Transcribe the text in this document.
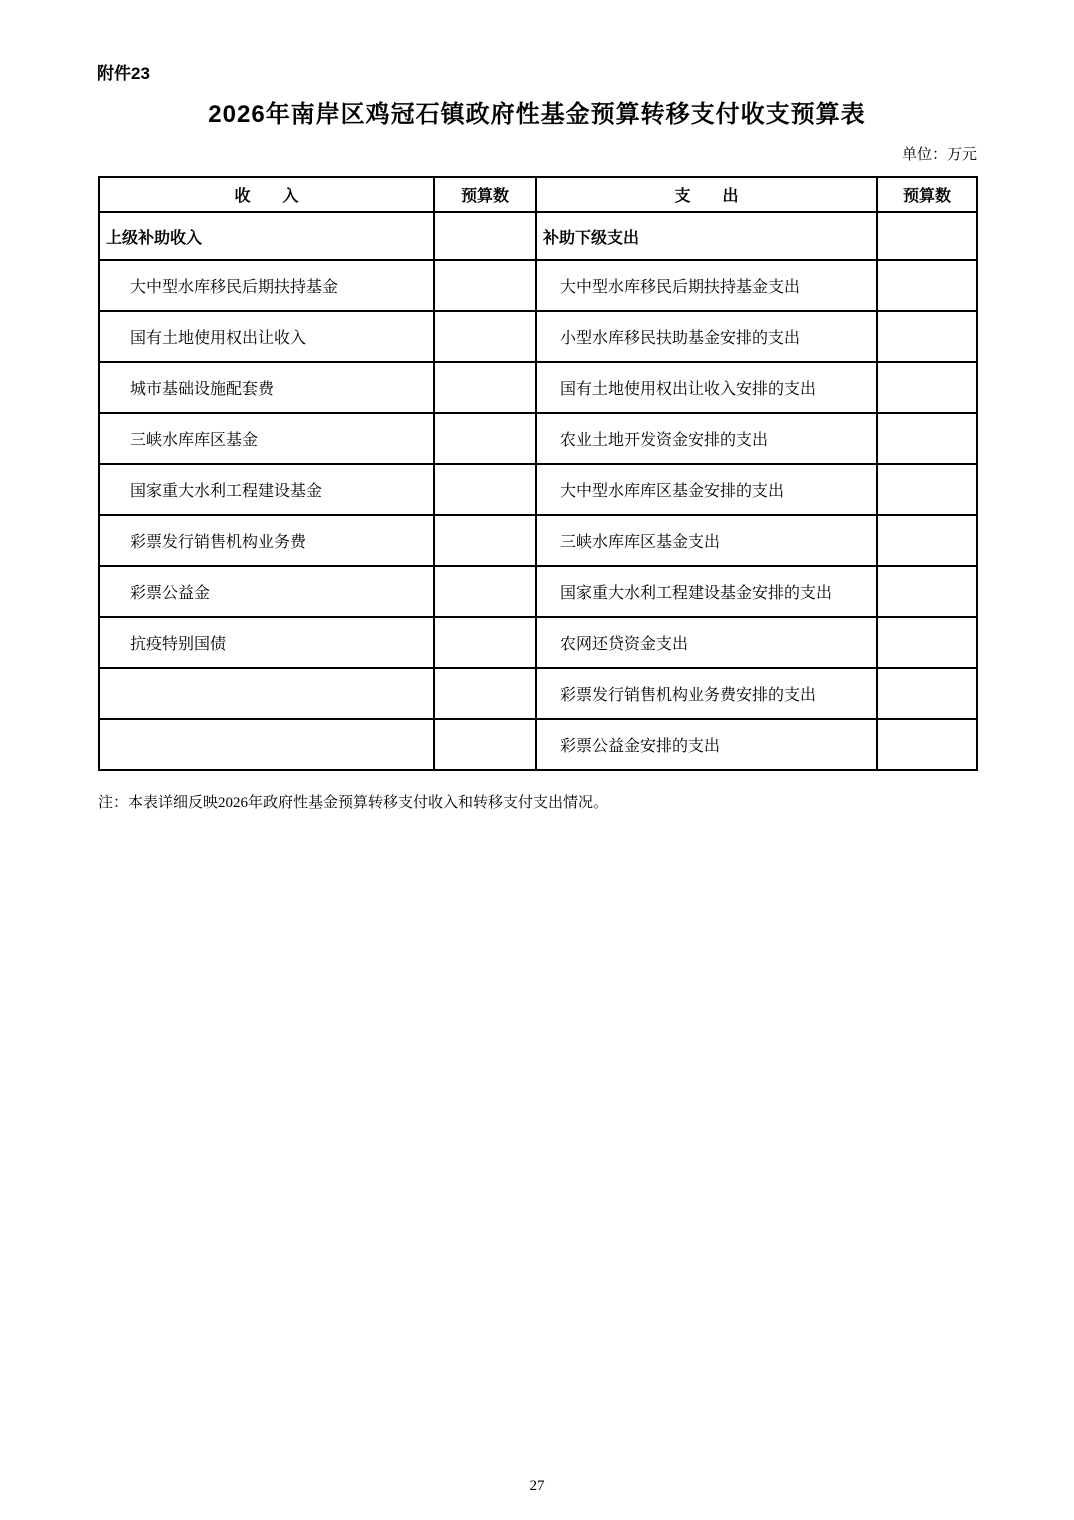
附件23
2026年南岸区鸡冠石镇政府性基金预算转移支付收支预算表
单位：万元
收　　入	预算数	支　　出	预算数
上级补助收入		补助下级支出	
大中型水库移民后期扶持基金		大中型水库移民后期扶持基金支出	
国有土地使用权出让收入		小型水库移民扶助基金安排的支出	
城市基础设施配套费		国有土地使用权出让收入安排的支出	
三峡水库库区基金		农业土地开发资金安排的支出	
国家重大水利工程建设基金		大中型水库库区基金安排的支出	
彩票发行销售机构业务费		三峡水库库区基金支出	
彩票公益金		国家重大水利工程建设基金安排的支出	
抗疫特别国债		农网还贷资金支出	
		彩票发行销售机构业务费安排的支出	
		彩票公益金安排的支出	
注：本表详细反映2026年政府性基金预算转移支付收入和转移支付支出情况。
27
